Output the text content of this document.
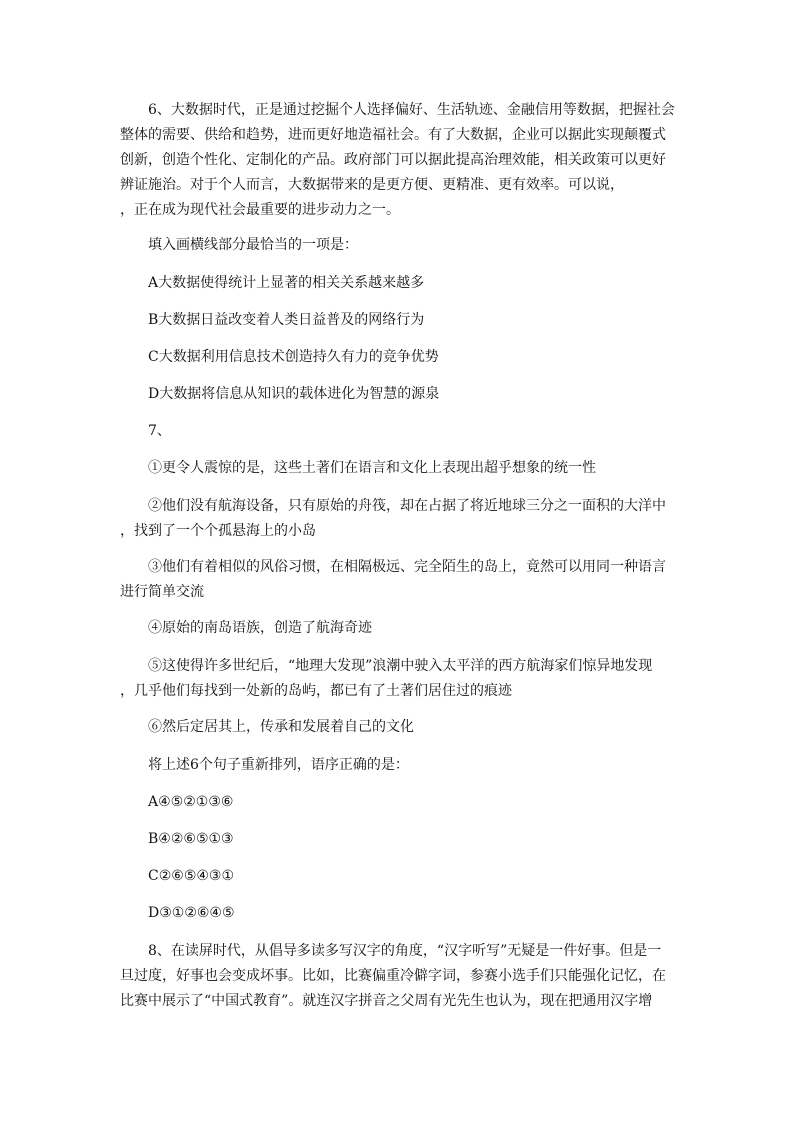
6、大数据时代，正是通过挖掘个人选择偏好、生活轨迹、金融信用等数据，把握社会
整体的需要、供给和趋势，进而更好地造福社会。有了大数据，企业可以据此实现颠覆式
创新，创造个性化、定制化的产品。政府部门可以据此提高治理效能，相关政策可以更好
辨证施治。对于个人而言，大数据带来的是更方便、更精准、更有效率。可以说，
，正在成为现代社会最重要的进步动力之一。
填入画横线部分最恰当的一项是：
A大数据使得统计上显著的相关关系越来越多
B大数据日益改变着人类日益普及的网络行为
C大数据利用信息技术创造持久有力的竞争优势
D大数据将信息从知识的载体进化为智慧的源泉
7、
①更令人震惊的是，这些土著们在语言和文化上表现出超乎想象的统一性
②他们没有航海设备，只有原始的舟筏，却在占据了将近地球三分之一面积的大洋中
，找到了一个个孤悬海上的小岛
③他们有着相似的风俗习惯，在相隔极远、完全陌生的岛上，竟然可以用同一种语言
进行简单交流
④原始的南岛语族，创造了航海奇迹
⑤这使得许多世纪后，“地理大发现”浪潮中驶入太平洋的西方航海家们惊异地发现
，几乎他们每找到一处新的岛屿，都已有了土著们居住过的痕迹
⑥然后定居其上，传承和发展着自己的文化
将上述6个句子重新排列，语序正确的是：
A④⑤②①③⑥
B④②⑥⑤①③
C②⑥⑤④③①
D③①②⑥④⑤
8、在读屏时代，从倡导多读多写汉字的角度，“汉字听写”无疑是一件好事。但是一
旦过度，好事也会变成坏事。比如，比赛偏重冷僻字词，参赛小选手们只能强化记忆，在
比赛中展示了“中国式教育”。就连汉字拼音之父周有光先生也认为，现在把通用汉字增
